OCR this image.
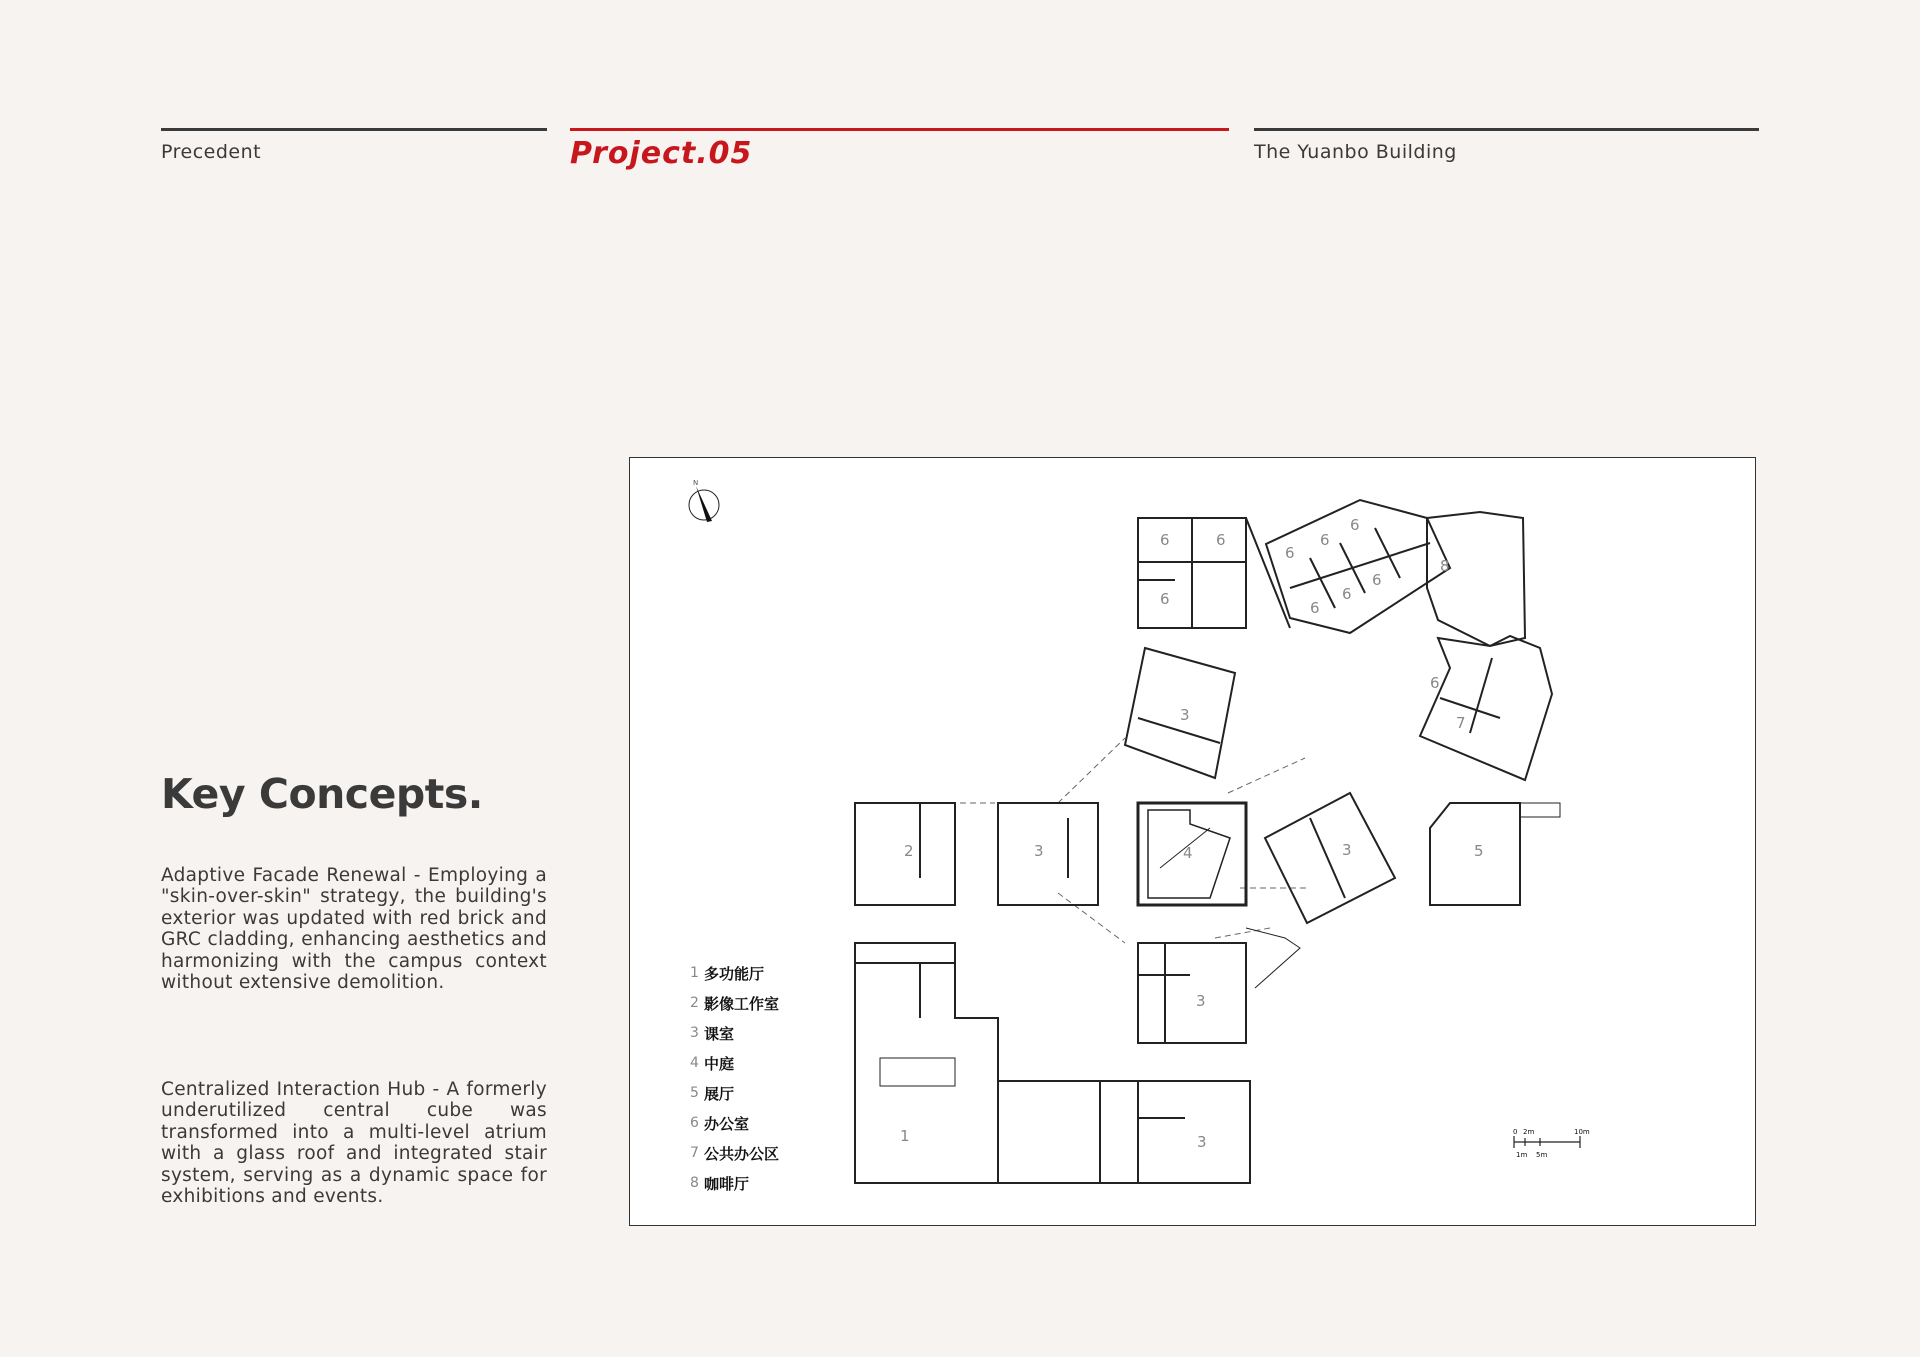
Precedent	Project.05	The Yuanbo Building
Key Concepts.

Adaptive Facade Renewal - Employing a "skin-over-skin" strategy, the building's exterior was updated with red brick and GRC cladding, enhancing aesthetics and harmonizing with the campus context without extensive demolition.

Centralized Interaction Hub - A formerly underutilized central cube was transformed into a multi-level atrium with a glass roof and integrated stair system, serving as a dynamic space for exhibitions and events.

N
0 2m	10m
1m 5m
2	3	4	5
1
3
3
3
3
6	6
6
6
6
6
6
6
6
6
7
8
1 多功能厅
2 影像工作室
3 课室
4 中庭
5 展厅
6 办公室
7 公共办公区
8 咖啡厅
